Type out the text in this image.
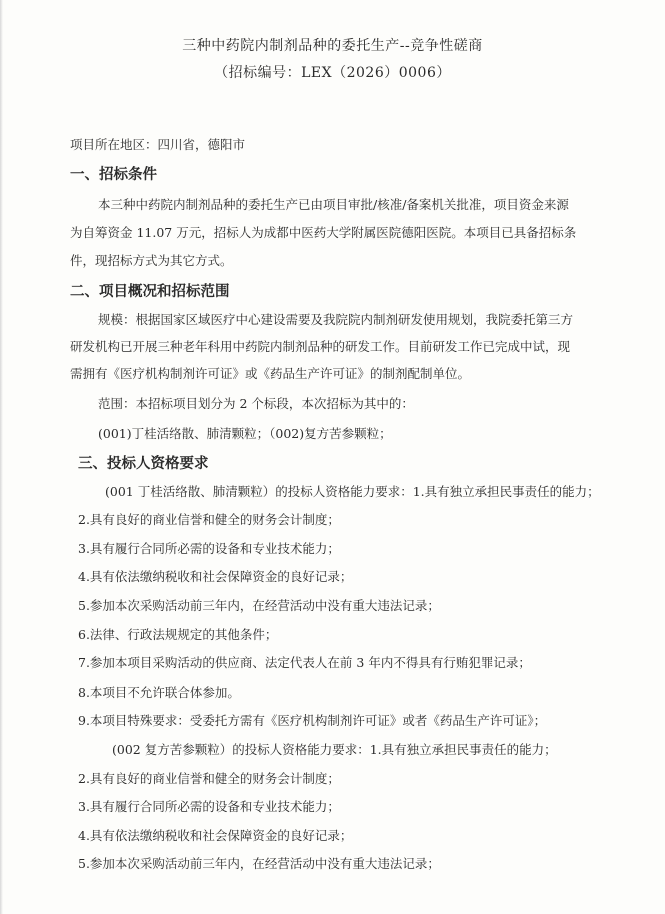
三种中药院内制剂品种的委托生产--竞争性磋商
（招标编号：LEX（2026）0006）
项目所在地区：四川省，德阳市
一、招标条件
本三种中药院内制剂品种的委托生产已由项目审批/核准/备案机关批准，项目资金来源
为自筹资金 11.07 万元，招标人为成都中医药大学附属医院德阳医院。本项目已具备招标条
件，现招标方式为其它方式。
二、项目概况和招标范围
规模：根据国家区域医疗中心建设需要及我院院内制剂研发使用规划，我院委托第三方
研发机构已开展三种老年科用中药院内制剂品种的研发工作。目前研发工作已完成中试，现
需拥有《医疗机构制剂许可证》或《药品生产许可证》的制剂配制单位。
范围：本招标项目划分为 2 个标段，本次招标为其中的：
(001)丁桂活络散、肺清颗粒；（002)复方苦参颗粒；
三、投标人资格要求
(001 丁桂活络散、肺清颗粒）的投标人资格能力要求：1.具有独立承担民事责任的能力；
2.具有良好的商业信誉和健全的财务会计制度；
3.具有履行合同所必需的设备和专业技术能力；
4.具有依法缴纳税收和社会保障资金的良好记录；
5.参加本次采购活动前三年内，在经营活动中没有重大违法记录；
6.法律、行政法规规定的其他条件；
7.参加本项目采购活动的供应商、法定代表人在前 3 年内不得具有行贿犯罪记录；
8.本项目不允许联合体参加。
9.本项目特殊要求：受委托方需有《医疗机构制剂许可证》或者《药品生产许可证》；
(002 复方苦参颗粒）的投标人资格能力要求：1.具有独立承担民事责任的能力；
2.具有良好的商业信誉和健全的财务会计制度；
3.具有履行合同所必需的设备和专业技术能力；
4.具有依法缴纳税收和社会保障资金的良好记录；
5.参加本次采购活动前三年内，在经营活动中没有重大违法记录；
